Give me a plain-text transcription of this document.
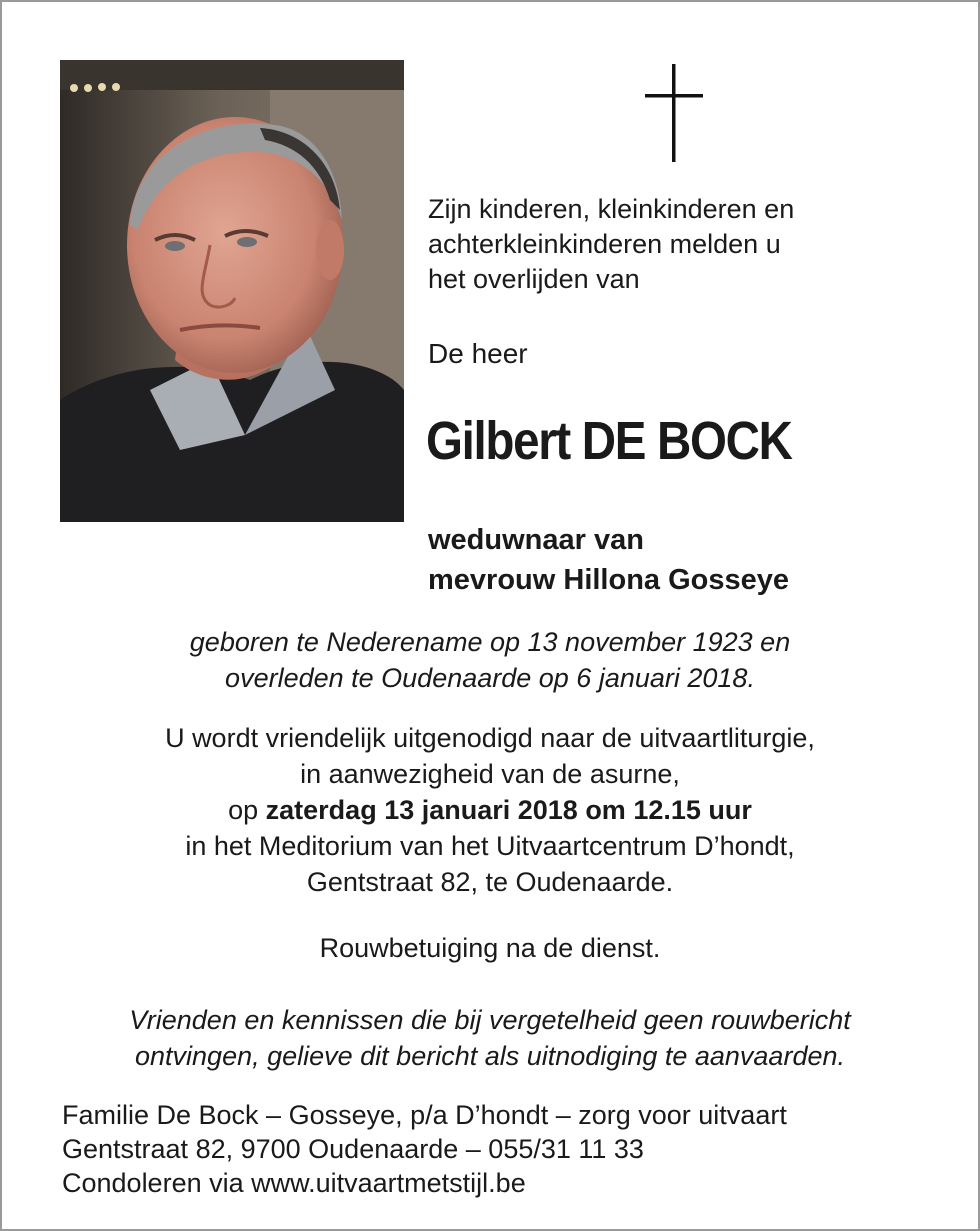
Zijn kinderen, kleinkinderen en
achterkleinkinderen melden u
het overlijden van
De heer
Gilbert DE BOCK
weduwnaar van
mevrouw Hillona Gosseye
geboren te Nederename op 13 november 1923 en
overleden te Oudenaarde op 6 januari 2018.
U wordt vriendelijk uitgenodigd naar de uitvaartliturgie,
in aanwezigheid van de asurne,
op zaterdag 13 januari 2018 om 12.15 uur
in het Meditorium van het Uitvaartcentrum D’hondt,
Gentstraat 82, te Oudenaarde.
Rouwbetuiging na de dienst.
Vrienden en kennissen die bij vergetelheid geen rouwbericht
ontvingen, gelieve dit bericht als uitnodiging te aanvaarden.
Familie De Bock – Gosseye, p/a D’hondt – zorg voor uitvaart
Gentstraat 82, 9700 Oudenaarde – 055/31 11 33
Condoleren via www.uitvaartmetstijl.be
